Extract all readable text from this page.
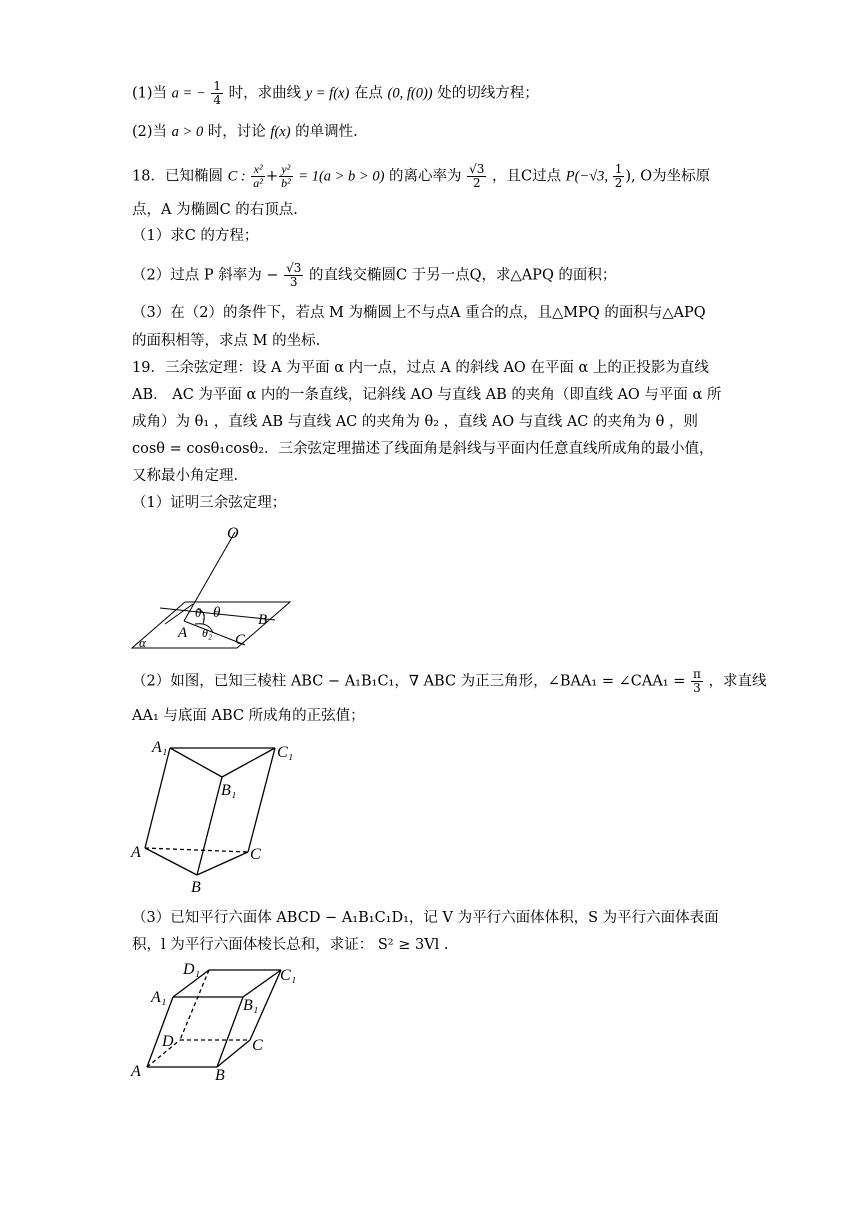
(1)当 a = − $\frac{1}{4}$ 时，求曲线 y = f(x) 在点 (0, f(0)) 处的切线方程；
(2)当 a > 0 时，讨论 f(x) 的单调性.
18．已知椭圆 C : $\frac{\text{x²}}{\text{a²}} + \frac{\text{y²}}{\text{b²}} = 1(a > b > 0)$ 的离心率为 $\frac{√3}{2}$ ，且C过点 P(−√3, $\frac{1}{2}$ ), O为坐标原
点，A 为椭圆C 的右顶点.
（1）求C 的方程；
（2）过点 P 斜率为 − $\frac{√3}{3}$ 的直线交椭圆C 于另一点Q，求△APQ 的面积；
（3）在（2）的条件下，若点 M 为椭圆上不与点A 重合的点，且△MPQ 的面积与△APQ
的面积相等，求点 M 的坐标.
19．三余弦定理：设 A 为平面 α 内一点，过点 A 的斜线 AO 在平面 α 上的正投影为直线
AB． AC 为平面 α 内的一条直线，记斜线 AO 与直线 AB 的夹角（即直线 AO 与平面 α 所
成角）为 θ₁ ，直线 AB 与直线 AC 的夹角为 θ₂ ，直线 AO 与直线 AC 的夹角为 θ ，则
cosθ = cosθ₁cosθ₂．三余弦定理描述了线面角是斜线与平面内任意直线所成角的最小值，
又称最小角定理.
（1）证明三余弦定理；
O
θ₁ θ	B
A θ₂ C
α
（2）如图，已知三棱柱 ABC − A₁B₁C₁，∇ ABC 为正三角形，∠BAA₁ = ∠CAA₁ = $\frac{\pi}{3}$ ，求直线
AA₁ 与底面 ABC 所成角的正弦值；
A₁	C₁
B₁
A	C
B
（3）已知平行六面体 ABCD − A₁B₁C₁D₁，记 V 为平行六面体体积，S 为平行六面体表面
积，l 为平行六面体棱长总和，求证： S² ≥ 3Vl .
D₁	C₁
A₁	B₁
D	C
A	B
